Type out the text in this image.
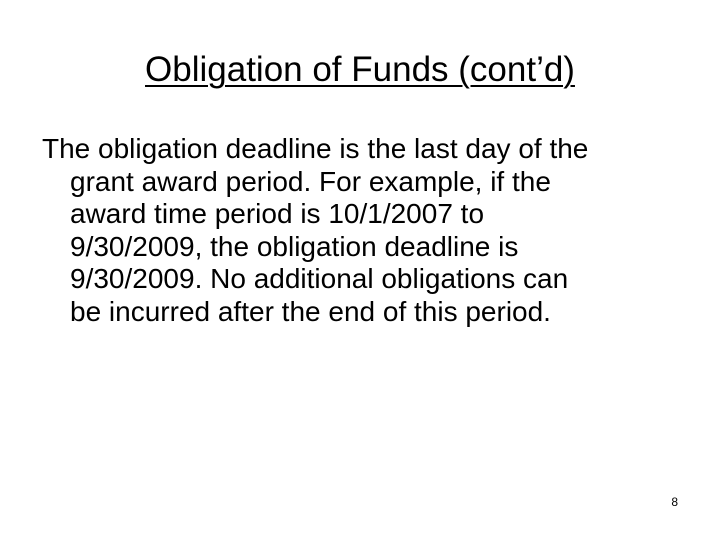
Obligation of Funds (cont’d)

The obligation deadline is the last day of the
grant award period. For example, if the
award time period is 10/1/2007 to
9/30/2009, the obligation deadline is
9/30/2009. No additional obligations can
be incurred after the end of this period.

8
